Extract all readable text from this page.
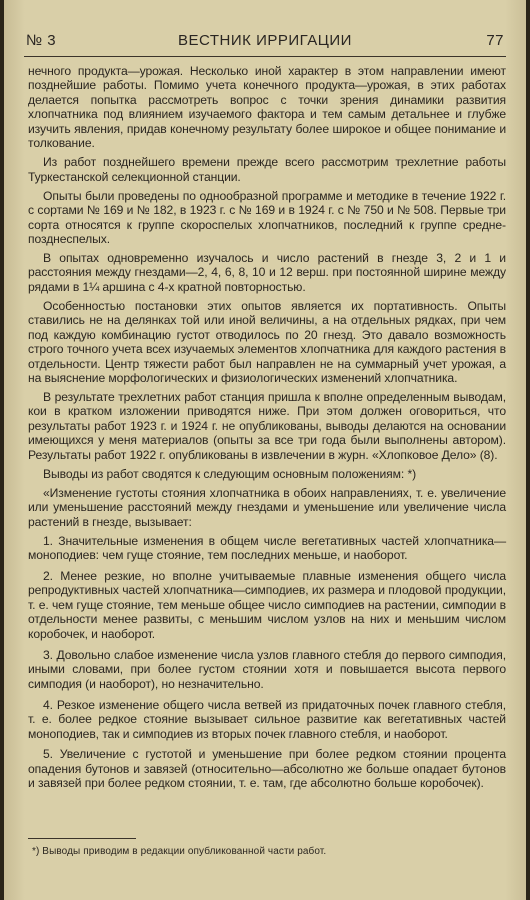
№ 3	ВЕСТНИК ИРРИГАЦИИ	77

нечного продукта—урожая. Несколько иной характер в этом направлении имеют позднейшие работы. Помимо учета конечного продукта—урожая, в этих работах делается попытка рассмотреть вопрос с точки зрения динамики развития хлопчатника под влиянием изучаемого фактора и тем самым детальнее и глубже изучить явления, придав конечному результату более широкое и общее понимание и толкование.

Из работ позднейшего времени прежде всего рассмотрим трехлетние работы Туркестанской селекционной станции.

Опыты были проведены по однообразной программе и методике в течение 1922 г. с сортами № 169 и № 182, в 1923 г. с № 169 и в 1924 г. с № 750 и № 508. Первые три сорта относятся к группе скороспелых хлопчатников, последний к группе средне-позднеспелых.

В опытах одновременно изучалось и число растений в гнезде 3, 2 и 1 и расстояния между гнездами—2, 4, 6, 8, 10 и 12 верш. при постоянной ширине между рядами в 1¼ аршина с 4-х кратной повторностью.

Особенностью постановки этих опытов является их портативность. Опыты ставились не на делянках той или иной величины, а на отдельных рядках, при чем под каждую комбинацию густот отводилось по 20 гнезд. Это давало возможность строго точного учета всех изучаемых элементов хлопчатника для каждого растения в отдельности. Центр тяжести работ был направлен не на суммарный учет урожая, а на выяснение морфологических и физиологических изменений хлопчатника.

В результате трехлетних работ станция пришла к вполне определенным выводам, кои в кратком изложении приводятся ниже. При этом должен оговориться, что результаты работ 1923 г. и 1924 г. не опубликованы, выводы делаются на основании имеющихся у меня материалов (опыты за все три года были выполнены автором). Результаты работ 1922 г. опубликованы в извлечении в журн. «Хлопковое Дело» (8).

Выводы из работ сводятся к следующим основным положениям: *)

«Изменение густоты стояния хлопчатника в обоих направлениях, т. е. увеличение или уменьшение расстояний между гнездами и уменьшение или увеличение числа растений в гнезде, вызывает:

1. Значительные изменения в общем числе вегетативных частей хлопчатника—моноподиев: чем гуще стояние, тем последних меньше, и наоборот.

2. Менее резкие, но вполне учитываемые плавные изменения общего числа репродуктивных частей хлопчатника—симподиев, их размера и плодовой продукции, т. е. чем гуще стояние, тем меньше общее число симподиев на растении, симподии в отдельности менее развиты, с меньшим числом узлов на них и меньшим числом коробочек, и наоборот.

3. Довольно слабое изменение числа узлов главного стебля до первого симподия, иными словами, при более густом стоянии хотя и повышается высота первого симподия (и наоборот), но незначительно.

4. Резкое изменение общего числа ветвей из придаточных почек главного стебля, т. е. более редкое стояние вызывает сильное развитие как вегетативных частей моноподиев, так и симподиев из вторых почек главного стебля, и наоборот.

5. Увеличение с густотой и уменьшение при более редком стоянии процента опадения бутонов и завязей (относительно—абсолютно же больше опадает бутонов и завязей при более редком стоянии, т. е. там, где абсолютно больше коробочек).

*) Выводы приводим в редакции опубликованной части работ.
